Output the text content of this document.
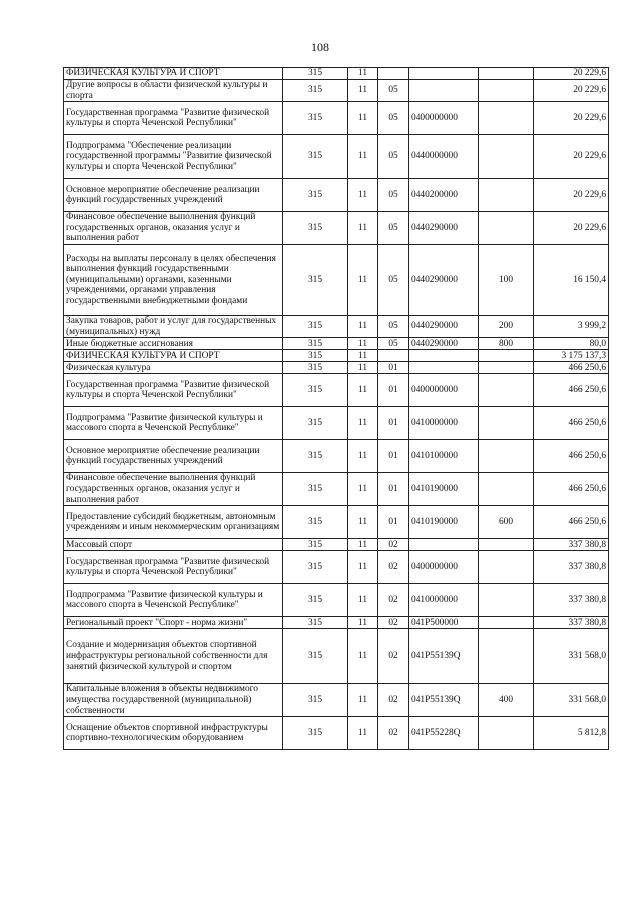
108
ФИЗИЧЕСКАЯ КУЛЬТУРА И СПОРТ	315	11				20 229,6
Другие вопросы в области физической культуры и спорта	315	11	05			20 229,6
Государственная программа "Развитие физической культуры и спорта Чеченской Республики"	315	11	05	0400000000		20 229,6
Подпрограмма "Обеспечение реализации государственной программы "Развитие физической культуры и спорта Чеченской Республики"	315	11	05	0440000000		20 229,6
Основное мероприятие обеспечение реализации функций государственных учреждений	315	11	05	0440200000		20 229,6
Финансовое обеспечение выполнения функций государственных органов, оказания услуг и выполнения работ	315	11	05	0440290000		20 229,6
Расходы на выплаты персоналу в целях обеспечения выполнения функций государственными (муниципальными) органами, казенными учреждениями, органами управления государственными внебюджетными фондами	315	11	05	0440290000	100	16 150,4
Закупка товаров, работ и услуг для государственных (муниципальных) нужд	315	11	05	0440290000	200	3 999,2
Иные бюджетные ассигнования	315	11	05	0440290000	800	80,0
ФИЗИЧЕСКАЯ КУЛЬТУРА И СПОРТ	315	11				3 175 137,3
Физическая культура	315	11	01			466 250,6
Государственная программа "Развитие физической культуры и спорта Чеченской Республики"	315	11	01	0400000000		466 250,6
Подпрограмма "Развитие физической культуры и массового спорта в Чеченской Республике"	315	11	01	0410000000		466 250,6
Основное мероприятие обеспечение реализации функций государственных учреждений	315	11	01	0410100000		466 250,6
Финансовое обеспечение выполнения функций государственных органов, оказания услуг и выполнения работ	315	11	01	0410190000		466 250,6
Предоставление субсидий бюджетным, автономным учреждениям и иным некоммерческим организациям	315	11	01	0410190000	600	466 250,6
Массовый спорт	315	11	02			337 380,8
Государственная программа "Развитие физической культуры и спорта Чеченской Республики"	315	11	02	0400000000		337 380,8
Подпрограмма "Развитие физической культуры и массового спорта в Чеченской Республике"	315	11	02	0410000000		337 380,8
Региональный проект "Спорт - норма жизни"	315	11	02	041P500000		337 380,8
Создание и модернизация объектов спортивной инфраструктуры региональной собственности для занятий физической культурой и спортом	315	11	02	041P55139Q		331 568,0
Капитальные вложения в объекты недвижимого имущества государственной (муниципальной) собственности	315	11	02	041P55139Q	400	331 568,0
Оснащение объектов спортивной инфраструктуры спортивно-технологическим оборудованием	315	11	02	041P55228Q		5 812,8
